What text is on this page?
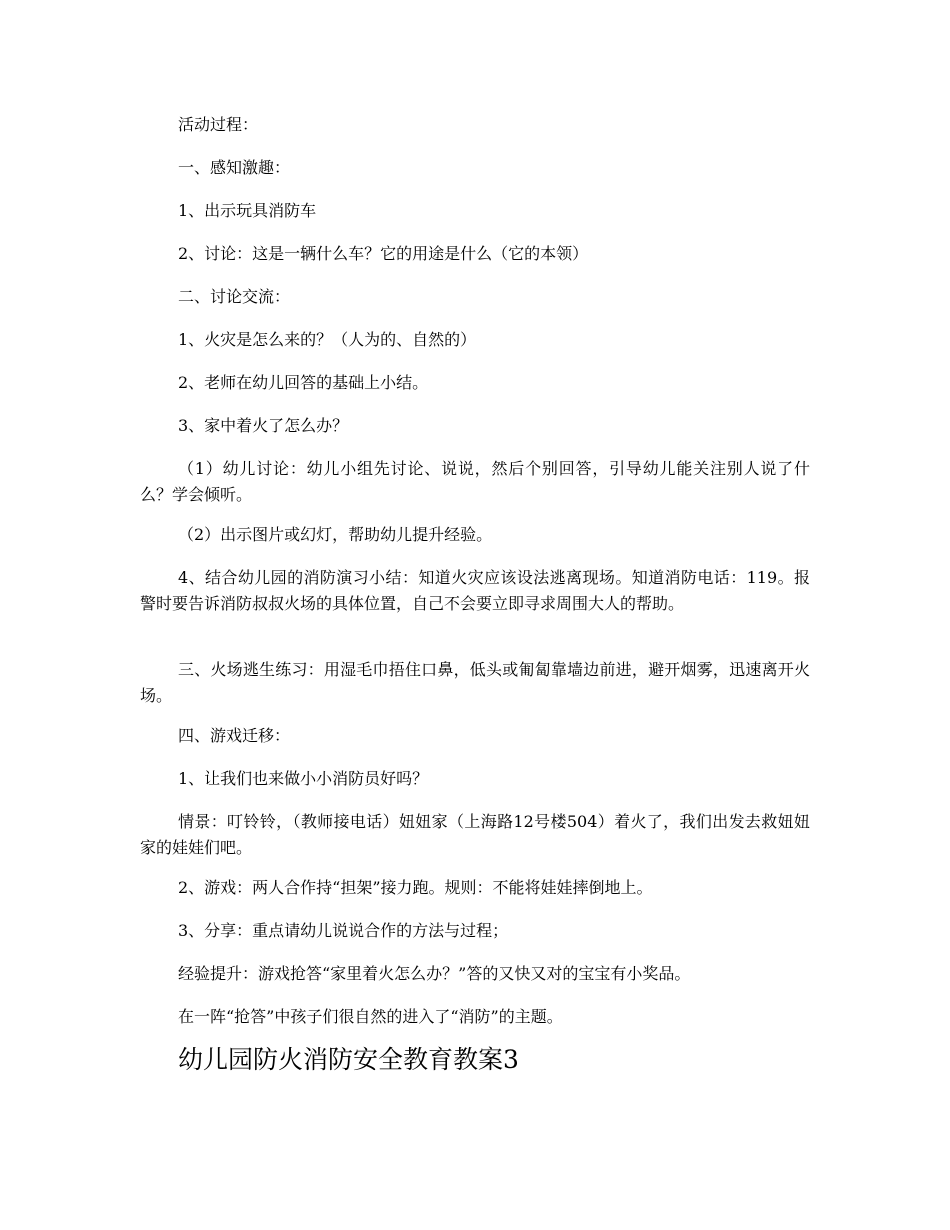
活动过程：

一、感知激趣：

1、出示玩具消防车

2、讨论：这是一辆什么车？它的用途是什么（它的本领）

二、讨论交流：

1、火灾是怎么来的？（人为的、自然的）

2、老师在幼儿回答的基础上小结。

3、家中着火了怎么办？

（1）幼儿讨论：幼儿小组先讨论、说说，然后个别回答，引导幼儿能关注别人说了什么？学会倾听。

（2）出示图片或幻灯，帮助幼儿提升经验。

4、结合幼儿园的消防演习小结：知道火灾应该设法逃离现场。知道消防电话：119。报警时要告诉消防叔叔火场的具体位置，自己不会要立即寻求周围大人的帮助。

三、火场逃生练习：用湿毛巾捂住口鼻，低头或匍匐靠墙边前进，避开烟雾，迅速离开火场。

四、游戏迁移：

1、让我们也来做小小消防员好吗？

情景：叮铃铃，（教师接电话）妞妞家（上海路12号楼504）着火了，我们出发去救妞妞家的娃娃们吧。

2、游戏：两人合作持“担架”接力跑。规则：不能将娃娃摔倒地上。

3、分享：重点请幼儿说说合作的方法与过程；

经验提升：游戏抢答“家里着火怎么办？”答的又快又对的宝宝有小奖品。

在一阵“抢答”中孩子们很自然的进入了“消防”的主题。

幼儿园防火消防安全教育教案3
